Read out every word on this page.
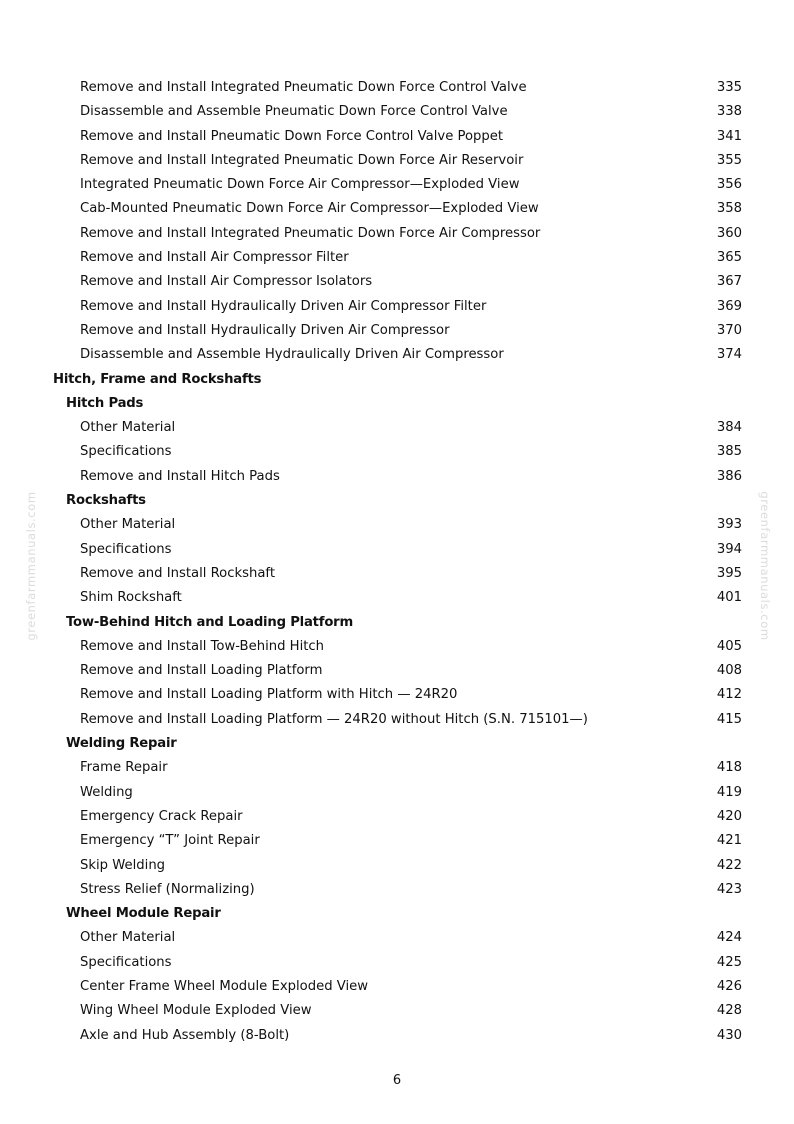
greenfarmmanuals.com	greenfarmmanuals.com
Remove and Install Integrated Pneumatic Down Force Control Valve	335
Disassemble and Assemble Pneumatic Down Force Control Valve	338
Remove and Install Pneumatic Down Force Control Valve Poppet	341
Remove and Install Integrated Pneumatic Down Force Air Reservoir	355
Integrated Pneumatic Down Force Air Compressor—Exploded View	356
Cab-Mounted Pneumatic Down Force Air Compressor—Exploded View	358
Remove and Install Integrated Pneumatic Down Force Air Compressor	360
Remove and Install Air Compressor Filter	365
Remove and Install Air Compressor Isolators	367
Remove and Install Hydraulically Driven Air Compressor Filter	369
Remove and Install Hydraulically Driven Air Compressor	370
Disassemble and Assemble Hydraulically Driven Air Compressor	374
Hitch, Frame and Rockshafts
Hitch Pads
Other Material	384
Specifications	385
Remove and Install Hitch Pads	386
Rockshafts
Other Material	393
Specifications	394
Remove and Install Rockshaft	395
Shim Rockshaft	401
Tow-Behind Hitch and Loading Platform
Remove and Install Tow-Behind Hitch	405
Remove and Install Loading Platform	408
Remove and Install Loading Platform with Hitch — 24R20	412
Remove and Install Loading Platform — 24R20 without Hitch (S.N. 715101—)	415
Welding Repair
Frame Repair	418
Welding	419
Emergency Crack Repair	420
Emergency “T” Joint Repair	421
Skip Welding	422
Stress Relief (Normalizing)	423
Wheel Module Repair
Other Material	424
Specifications	425
Center Frame Wheel Module Exploded View	426
Wing Wheel Module Exploded View	428
Axle and Hub Assembly (8-Bolt)	430
6
